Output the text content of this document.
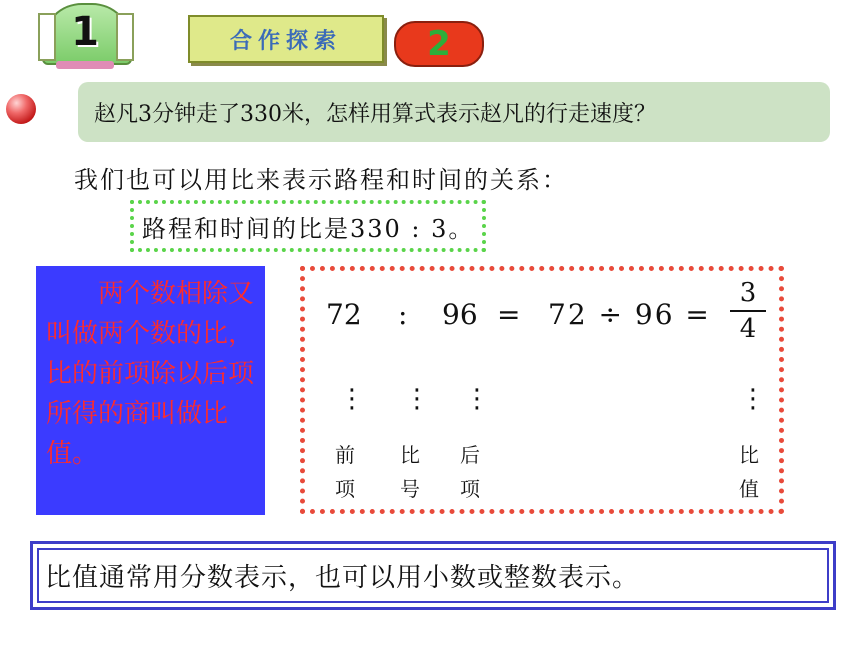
1	合作探索	2
赵凡3分钟走了330米，怎样用算式表示赵凡的行走速度？
我们也可以用比来表示路程和时间的关系：
路程和时间的比是330 : 3。
两个数相除又叫做两个数的比，比的前项除以后项所得的商叫做比值。
72 : 96 = 72 ÷ 96 =
3
4
⋮ ⋮ ⋮	⋮
前项
比号
后项
比值
比值通常用分数表示，也可以用小数或整数表示。
